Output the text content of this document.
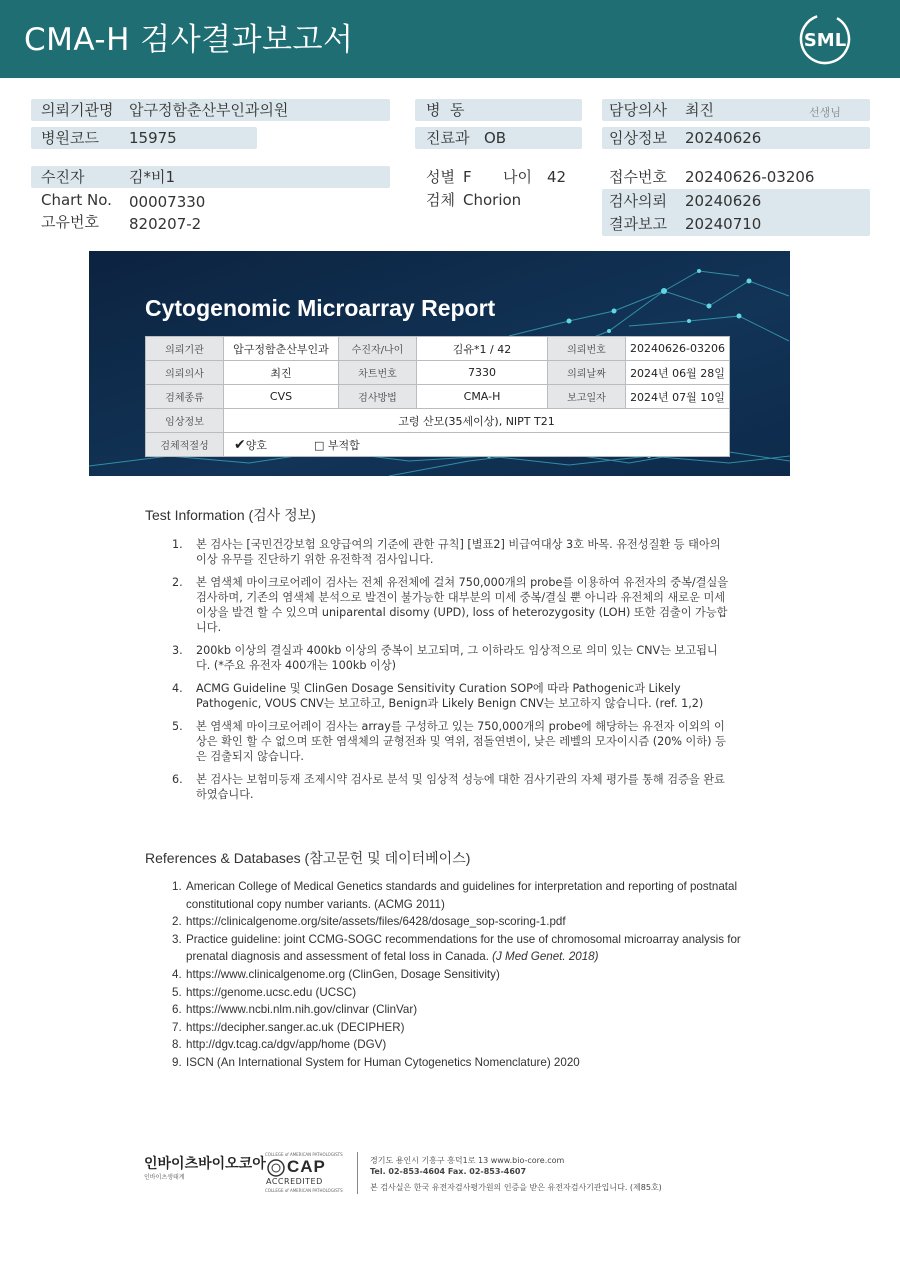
CMA-H 검사결과보고서	SML
의뢰기관명 압구정함춘산부인과의원
병원코드 15975
병  동
진료과 OB
담당의사 최진	선생님
임상정보 20240626
수진자	김*비1
Chart No. 00007330
고유번호 820207-2
성별 F 나이 42
검체 Chorion
접수번호 20240626-03206
검사의뢰 20240626
결과보고 20240710
Cytogenomic Microarray Report
의뢰기관	압구정함춘산부인과	수진자/나이	김유*1 / 42	의뢰번호	20240626-03206
의뢰의사	최진	차트번호	7330	의뢰날짜	2024년 06월 28일
검체종류	CVS	검사방법	CMA-H	보고일자	2024년 07월 10일
임상정보	고령 산모(35세이상), NIPT T21				
검체적절성	✔양호 □ 부적합				
Test Information (검사 정보)
1. 본 검사는 [국민건강보험 요양급여의 기준에 관한 규칙] [별표2] 비급여대상 3호 바목. 유전성질환 등 태아의 이상 유무를 진단하기 위한 유전학적 검사입니다.
2. 본 염색체 마이크로어레이 검사는 전체 유전체에 걸쳐 750,000개의 probe를 이용하여 유전자의 중복/결실을 검사하며, 기존의 염색체 분석으로 발견이 불가능한 대부분의 미세 중복/결실 뿐 아니라 유전체의 새로운 미세이상을 발견 할 수 있으며 uniparental disomy (UPD), loss of heterozygosity (LOH) 또한 검출이 가능합니다.
3. 200kb 이상의 결실과 400kb 이상의 중복이 보고되며, 그 이하라도 임상적으로 의미 있는 CNV는 보고됩니다. (*주요 유전자 400개는 100kb 이상)
4. ACMG Guideline 및 ClinGen Dosage Sensitivity Curation SOP에 따라 Pathogenic과 Likely Pathogenic, VOUS CNV는 보고하고, Benign과 Likely Benign CNV는 보고하지 않습니다. (ref. 1,2)
5. 본 염색체 마이크로어레이 검사는 array를 구성하고 있는 750,000개의 probe에 해당하는 유전자 이외의 이상은 확인 할 수 없으며 또한 염색체의 균형전좌 및 역위, 점돌연변이, 낮은 레벨의 모자이시즘 (20% 이하) 등은 검출되지 않습니다.
6. 본 검사는 보험미등재 조제시약 검사로 분석 및 임상적 성능에 대한 검사기관의 자체 평가를 통해 검증을 완료하였습니다.
References & Databases (참고문헌 및 데이터베이스)
1. American College of Medical Genetics standards and guidelines for interpretation and reporting of postnatal constitutional copy number variants. (ACMG 2011)
2. https://clinicalgenome.org/site/assets/files/6428/dosage_sop-scoring-1.pdf
3. Practice guideline: joint CCMG-SOGC recommendations for the use of chromosomal microarray analysis for prenatal diagnosis and assessment of fetal loss in Canada. (J Med Genet. 2018)
4. https://www.clinicalgenome.org (ClinGen, Dosage Sensitivity)
5. https://genome.ucsc.edu (UCSC)
6. https://www.ncbi.nlm.nih.gov/clinvar (ClinVar)
7. https://decipher.sanger.ac.uk (DECIPHER)
8. http://dgv.tcag.ca/dgv/app/home (DGV)
9. ISCN (An International System for Human Cytogenetics Nomenclature) 2020
인바이츠바이오코아
인바이츠생태계
COLLEGE of AMERICAN PATHOLOGISTS
CAP
ACCREDITED
COLLEGE of AMERICAN PATHOLOGISTS
경기도 용인시 기흥구 흥덕1로 13 www.bio-core.com
Tel. 02-853-4604 Fax. 02-853-4607
본 검사실은 한국 유전자검사평가원의 인증을 받은 유전자검사기관입니다. (제85호)
